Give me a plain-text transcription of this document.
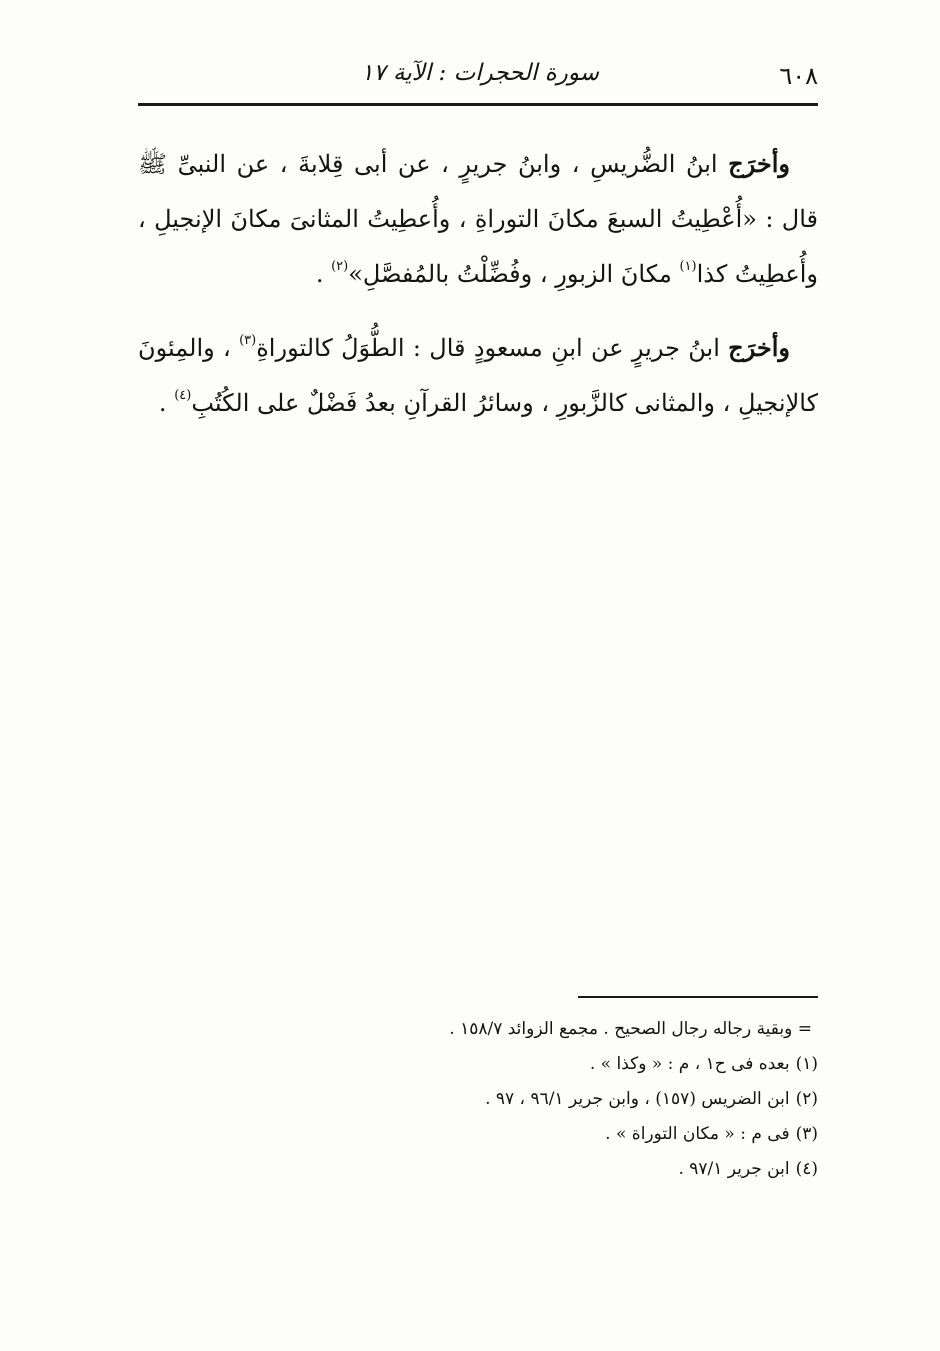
٦٠٨
سورة الحجرات : الآية ١٧

وأخرَج ابنُ الضُّريسِ ، وابنُ جريرٍ ، عن أبى قِلابةَ ، عن النبىِّ ﷺ قال : «أُعْطِيتُ السبعَ مكانَ التوراةِ ، وأُعطِيتُ المثانىَ مكانَ الإنجيلِ ، وأُعطِيتُ كذا$^{(١)}$ مكانَ الزبورِ ، وفُضِّلْتُ بالمُفصَّلِ»$^{(٢)}$ .

وأخرَج ابنُ جريرٍ عن ابنِ مسعودٍ قال : الطُّوَلُ كالتوراةِ$^{(٣)}$ ، والمِئونَ كالإنجيلِ ، والمثانى كالزَّبورِ ، وسائرُ القرآنِ بعدُ فَضْلٌ على الكُتُبِ$^{(٤)}$ .

= وبقية رجاله رجال الصحيح . مجمع الزوائد ١٥٨/٧ .

(١)بعده فى ح١ ، م : « وكذا » .

(٢)ابن الضريس (١٥٧) ، وابن جرير ٩٦/١ ، ٩٧ .

(٣)فى م : « مكان التوراة » .

(٤)ابن جرير ٩٧/١ .
